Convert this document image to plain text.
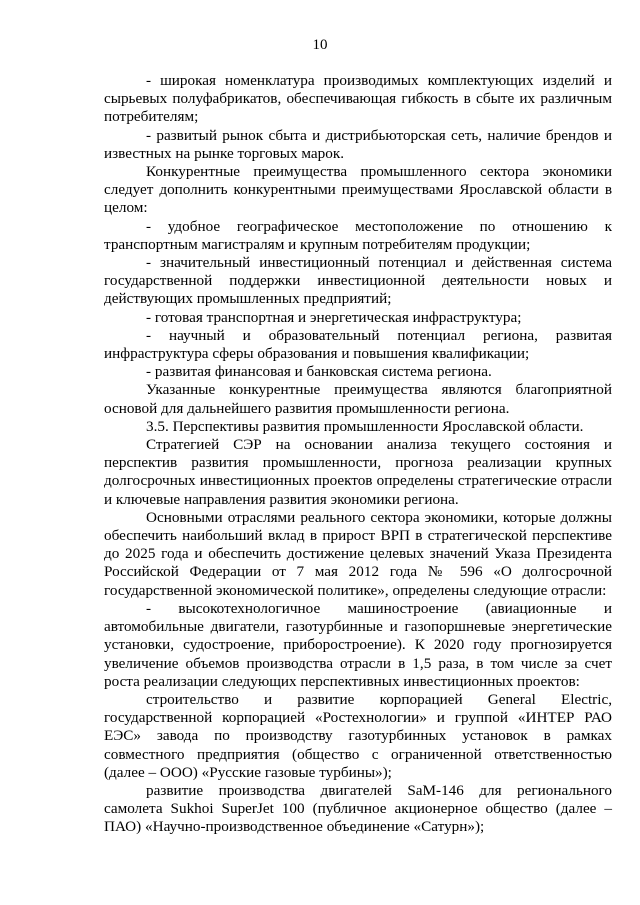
10

- широкая номенклатура производимых комплектующих изделий и сырьевых полуфабрикатов, обеспечивающая гибкость в сбыте их различным потребителям;

- развитый рынок сбыта и дистрибьюторская сеть, наличие брендов и известных на рынке торговых марок.

Конкурентные преимущества промышленного сектора экономики следует дополнить конкурентными преимуществами Ярославской области в целом:

- удобное географическое местоположение по отношению к транспортным магистралям и крупным потребителям продукции;

- значительный инвестиционный потенциал и действенная система государственной поддержки инвестиционной деятельности новых и действующих промышленных предприятий;

- готовая транспортная и энергетическая инфраструктура;

- научный и образовательный потенциал региона, развитая инфраструктура сферы образования и повышения квалификации;

- развитая финансовая и банковская система региона.

Указанные конкурентные преимущества являются благоприятной основой для дальнейшего развития промышленности региона.

3.5. Перспективы развития промышленности Ярославской области.

Стратегией СЭР на основании анализа текущего состояния и перспектив развития промышленности, прогноза реализации крупных долгосрочных инвестиционных проектов определены стратегические отрасли и ключевые направления развития экономики региона.

Основными отраслями реального сектора экономики, которые должны обеспечить наибольший вклад в прирост ВРП в стратегической перспективе до 2025 года и обеспечить достижение целевых значений Указа Президента Российской Федерации от 7 мая 2012 года № 596 «О долгосрочной государственной экономической политике», определены следующие отрасли:

- высокотехнологичное машиностроение (авиационные и автомобильные двигатели, газотурбинные и газопоршневые энергетические установки, судостроение, приборостроение). К 2020 году прогнозируется увеличение объемов производства отрасли в 1,5 раза, в том числе за счет роста реализации следующих перспективных инвестиционных проектов:

строительство и развитие корпорацией General Electric, государственной корпорацией «Ростехнологии» и группой «ИНТЕР РАО ЕЭС» завода по производству газотурбинных установок в рамках совместного предприятия (общество с ограниченной ответственностью (далее – ООО) «Русские газовые турбины»);

развитие производства двигателей SaM-146 для регионального самолета Sukhoi SuperJet 100 (публичное акционерное общество (далее – ПАО) «Научно-производственное объединение «Сатурн»);
